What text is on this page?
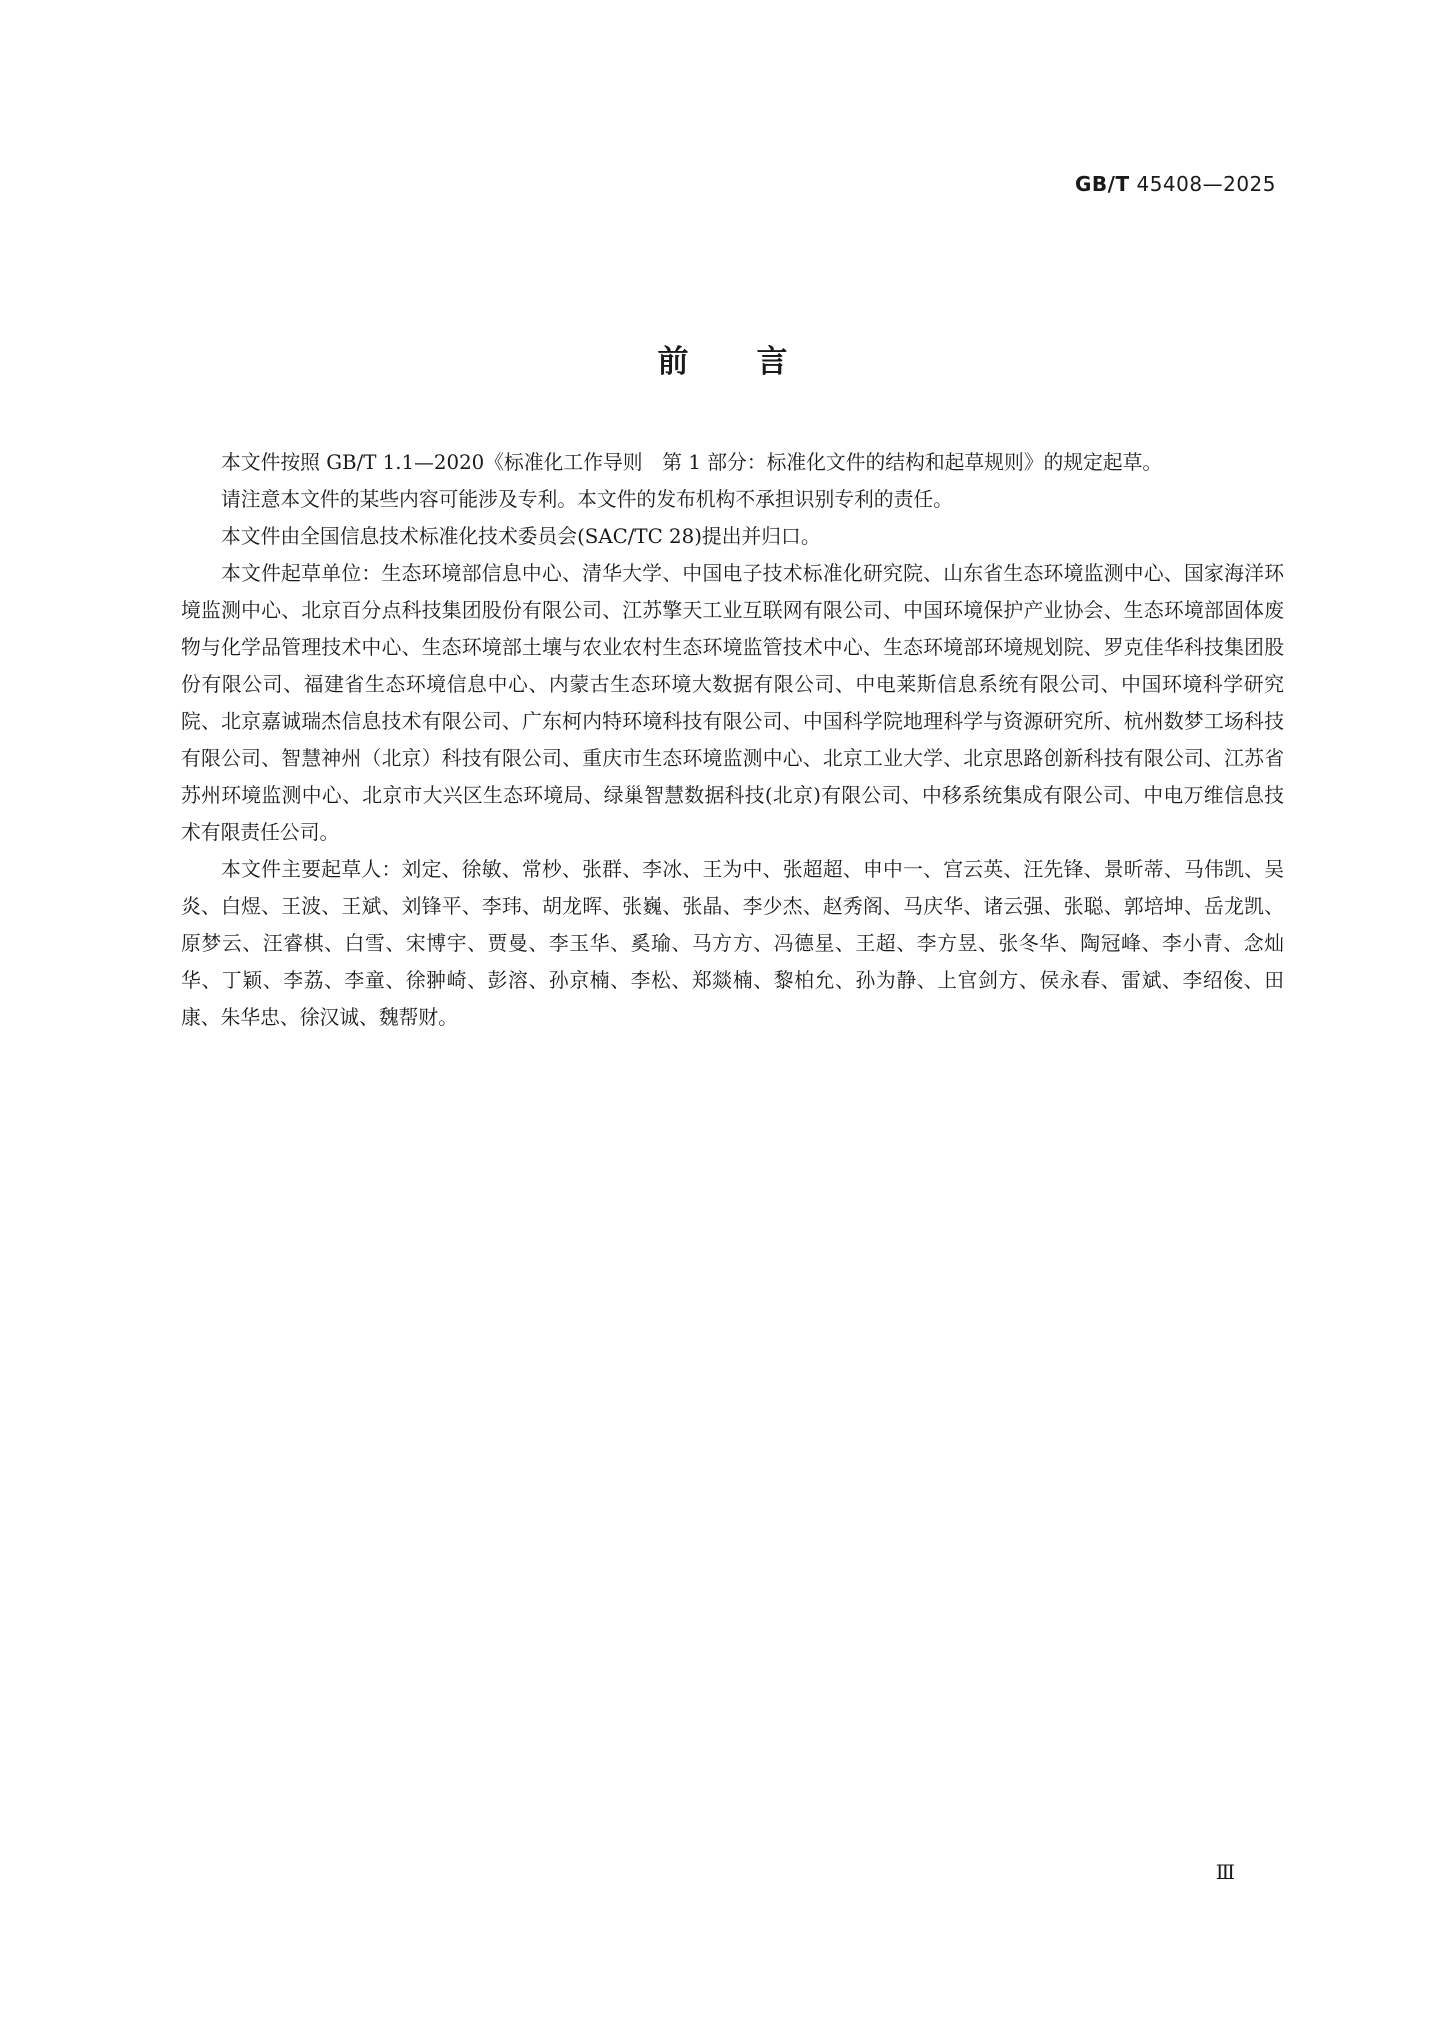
GB/T 45408—2025
前言

本文件按照 GB/T 1.1—2020《标准化工作导则　第 1 部分：标准化文件的结构和起草规则》的规定起草。

请注意本文件的某些内容可能涉及专利。本文件的发布机构不承担识别专利的责任。

本文件由全国信息技术标准化技术委员会(SAC/TC 28)提出并归口。

本文件起草单位：生态环境部信息中心、清华大学、中国电子技术标准化研究院、山东省生态环境监测中心、国家海洋环境监测中心、北京百分点科技集团股份有限公司、江苏擎天工业互联网有限公司、中国环境保护产业协会、生态环境部固体废物与化学品管理技术中心、生态环境部土壤与农业农村生态环境监管技术中心、生态环境部环境规划院、罗克佳华科技集团股份有限公司、福建省生态环境信息中心、内蒙古生态环境大数据有限公司、中电莱斯信息系统有限公司、中国环境科学研究院、北京嘉诚瑞杰信息技术有限公司、广东柯内特环境科技有限公司、中国科学院地理科学与资源研究所、杭州数梦工场科技有限公司、智慧神州（北京）科技有限公司、重庆市生态环境监测中心、北京工业大学、北京思路创新科技有限公司、江苏省苏州环境监测中心、北京市大兴区生态环境局、绿巢智慧数据科技(北京)有限公司、中移系统集成有限公司、中电万维信息技术有限责任公司。

本文件主要起草人：刘定、徐敏、常杪、张群、李冰、王为中、张超超、申中一、宫云英、汪先锋、景昕蒂、马伟凯、吴炎、白煜、王波、王斌、刘锋平、李玮、胡龙晖、张巍、张晶、李少杰、赵秀阁、马庆华、诸云强、张聪、郭培坤、岳龙凯、原梦云、汪睿棋、白雪、宋博宇、贾曼、李玉华、奚瑜、马方方、冯德星、王超、李方昱、张冬华、陶冠峰、李小青、念灿华、丁颖、李荔、李童、徐翀崎、彭溶、孙京楠、李松、郑燚楠、黎柏允、孙为静、上官剑方、侯永春、雷斌、李绍俊、田康、朱华忠、徐汉诚、魏帮财。

Ⅲ
